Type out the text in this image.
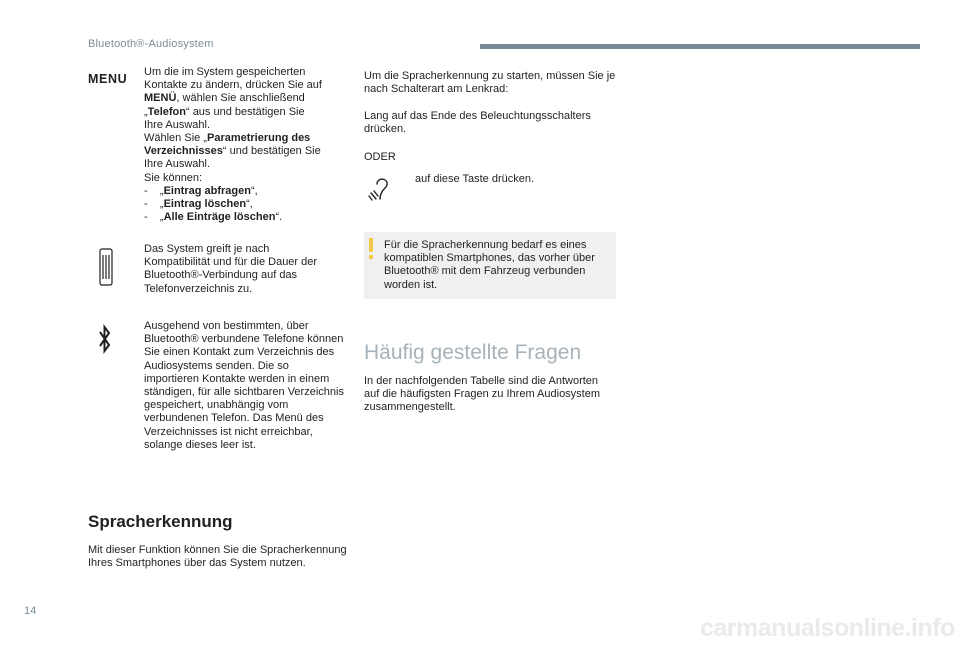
Bluetooth®-Audiosystem
MENU Um die im System gespeicherten
Kontakte zu ändern, drücken Sie auf
MENÜ, wählen Sie anschließend
„Telefon“ aus und bestätigen Sie
Ihre Auswahl.
Wählen Sie „Parametrierung des
Verzeichnisses“ und bestätigen Sie
Ihre Auswahl.
Sie können:
-    „Eintrag abfragen“,
-    „Eintrag löschen“,
-    „Alle Einträge löschen“.
Das System greift je nach Kompatibilität und für die Dauer der Bluetooth®-Verbindung auf das Telefonverzeichnis zu.
Ausgehend von bestimmten, über Bluetooth® verbundene Telefone können Sie einen Kontakt zum Verzeichnis des Audiosystems senden. Die so importieren Kontakte werden in einem ständigen, für alle sichtbaren Verzeichnis gespeichert, unabhängig vom verbundenen Telefon. Das Menü des Verzeichnisses ist nicht erreichbar, solange dieses leer ist.
Spracherkennung
Mit dieser Funktion können Sie die Spracherkennung Ihres Smartphones über das System nutzen.
Um die Spracherkennung zu starten, müssen Sie je nach Schalterart am Lenkrad:
Lang auf das Ende des Beleuchtungsschalters drücken.
ODER
auf diese Taste drücken.
Für die Spracherkennung bedarf es eines kompatiblen Smartphones, das vorher über Bluetooth® mit dem Fahrzeug verbunden worden ist.
Häufig gestellte Fragen
In der nachfolgenden Tabelle sind die Antworten auf die häufigsten Fragen zu Ihrem Audiosystem zusammengestellt.
14
carmanualsonline.info
